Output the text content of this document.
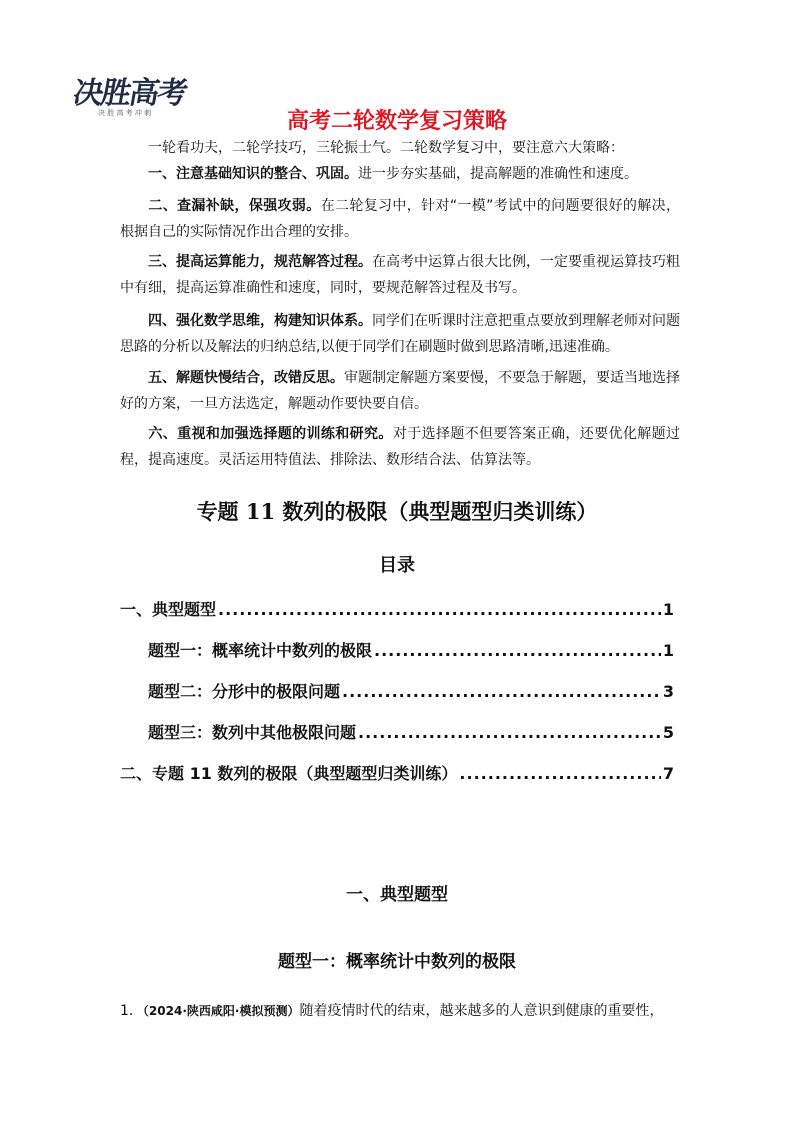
决胜高考
决 胜 高 考 冲 刺	高考二轮数学复习策略
一轮看功夫，二轮学技巧，三轮振士气。二轮数学复习中，要注意六大策略：
一、注意基础知识的整合、巩固。进一步夯实基础，提高解题的准确性和速度。
二、查漏补缺，保强攻弱。在二轮复习中，针对“一模”考试中的问题要很好的解决，根据自己的实际情况作出合理的安排。
三、提高运算能力，规范解答过程。在高考中运算占很大比例，一定要重视运算技巧粗中有细，提高运算准确性和速度，同时，要规范解答过程及书写。
四、强化数学思维，构建知识体系。同学们在听课时注意把重点要放到理解老师对问题思路的分析以及解法的归纳总结,以便于同学们在刷题时做到思路清晰,迅速准确。
五、解题快慢结合，改错反思。审题制定解题方案要慢，不要急于解题，要适当地选择好的方案，一旦方法选定，解题动作要快要自信。
六、重视和加强选择题的训练和研究。对于选择题不但要答案正确，还要优化解题过程，提高速度。灵活运用特值法、排除法、数形结合法、估算法等。
专题 11 数列的极限（典型题型归类训练）
目录
一、典型题型 .....	1
题型一：概率统计中数列的极限 .....	1
题型二：分形中的极限问题 .....	3
题型三：数列中其他极限问题 .....	5
二、专题 11 数列的极限（典型题型归类训练） .....	7
一、典型题型
题型一：概率统计中数列的极限
1．（2024·陕西咸阳·模拟预测）随着疫情时代的结束，越来越多的人意识到健康的重要性，
